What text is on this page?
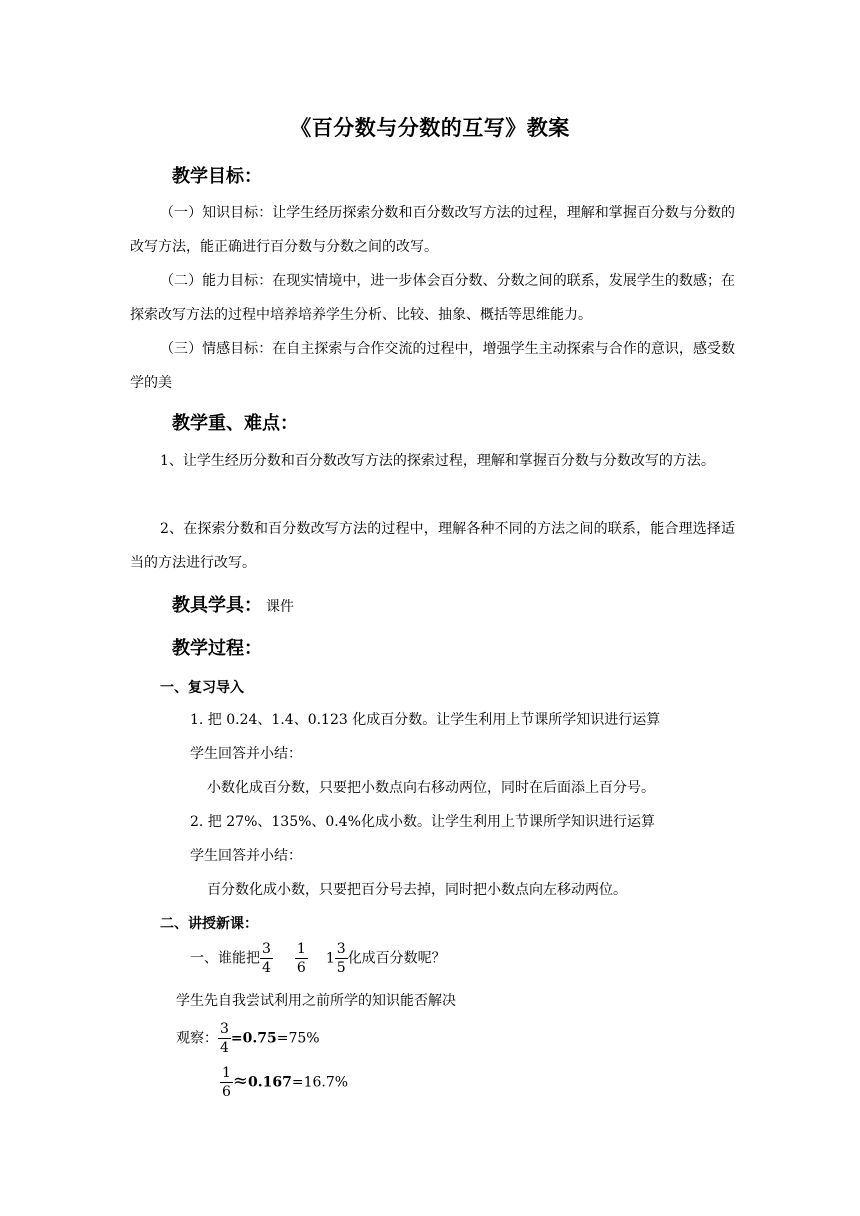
《百分数与分数的互写》教案
教学目标：

（一）知识目标：让学生经历探索分数和百分数改写方法的过程，理解和掌握百分数与分数的改写方法，能正确进行百分数与分数之间的改写。

（二）能力目标：在现实情境中，进一步体会百分数、分数之间的联系，发展学生的数感；在探索改写方法的过程中培养培养学生分析、比较、抽象、概括等思维能力。

（三）情感目标：在自主探索与合作交流的过程中，增强学生主动探索与合作的意识，感受数学的美

教学重、难点：

1、让学生经历分数和百分数改写方法的探索过程，理解和掌握百分数与分数改写的方法。

2、在探索分数和百分数改写方法的过程中，理解各种不同的方法之间的联系，能合理选择适当的方法进行改写。

教具学具： 课件
教学过程：
一、复习导入
1. 把 0.24、1.4、0.123 化成百分数。让学生利用上节课所学知识进行运算
学生回答并小结：
小数化成百分数，只要把小数点向右移动两位，同时在后面添上百分号。
2. 把 27%、135%、0.4%化成小数。让学生利用上节课所学知识进行运算
学生回答并小结：
百分数化成小数，只要把百分号去掉，同时把小数点向左移动两位。
二、讲授新课：
一、谁能把 $\frac{3}{4} \frac{1}{6} 1 \frac{3}{5}$ 化成百分数呢？
学生先自我尝试利用之前所学的知识能否解决
观察： $\frac{3}{4} =0.75=75\%$
$\frac{1}{6} \approx 0.167=16.7\%$
